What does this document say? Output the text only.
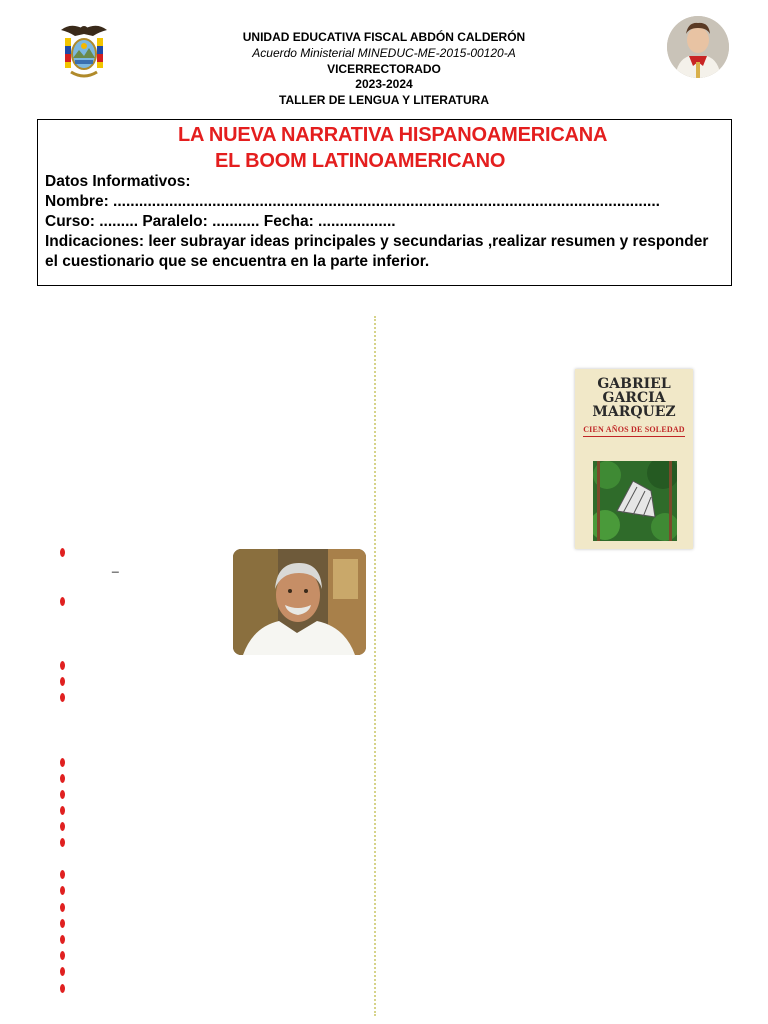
UNIDAD EDUCATIVA FISCAL ABDÓN CALDERÓN
Acuerdo Ministerial MINEDUC-ME-2015-00120-A
VICERRECTORADO
2023-2024
TALLER DE LENGUA Y LITERATURA
LA NUEVA NARRATIVA HISPANOAMERICANA
EL BOOM LATINOAMERICANO
Datos Informativos:
Nombre: ...............................................................................................................................
Curso: ......... Paralelo: ........... Fecha: ..................
Indicaciones: leer subrayar ideas principales y secundarias ,realizar resumen y responder el cuestionario que se encuentra en la parte inferior.
_
GABRIEL
GARCIA
MARQUEZ
CIEN AÑOS DE SOLEDAD
